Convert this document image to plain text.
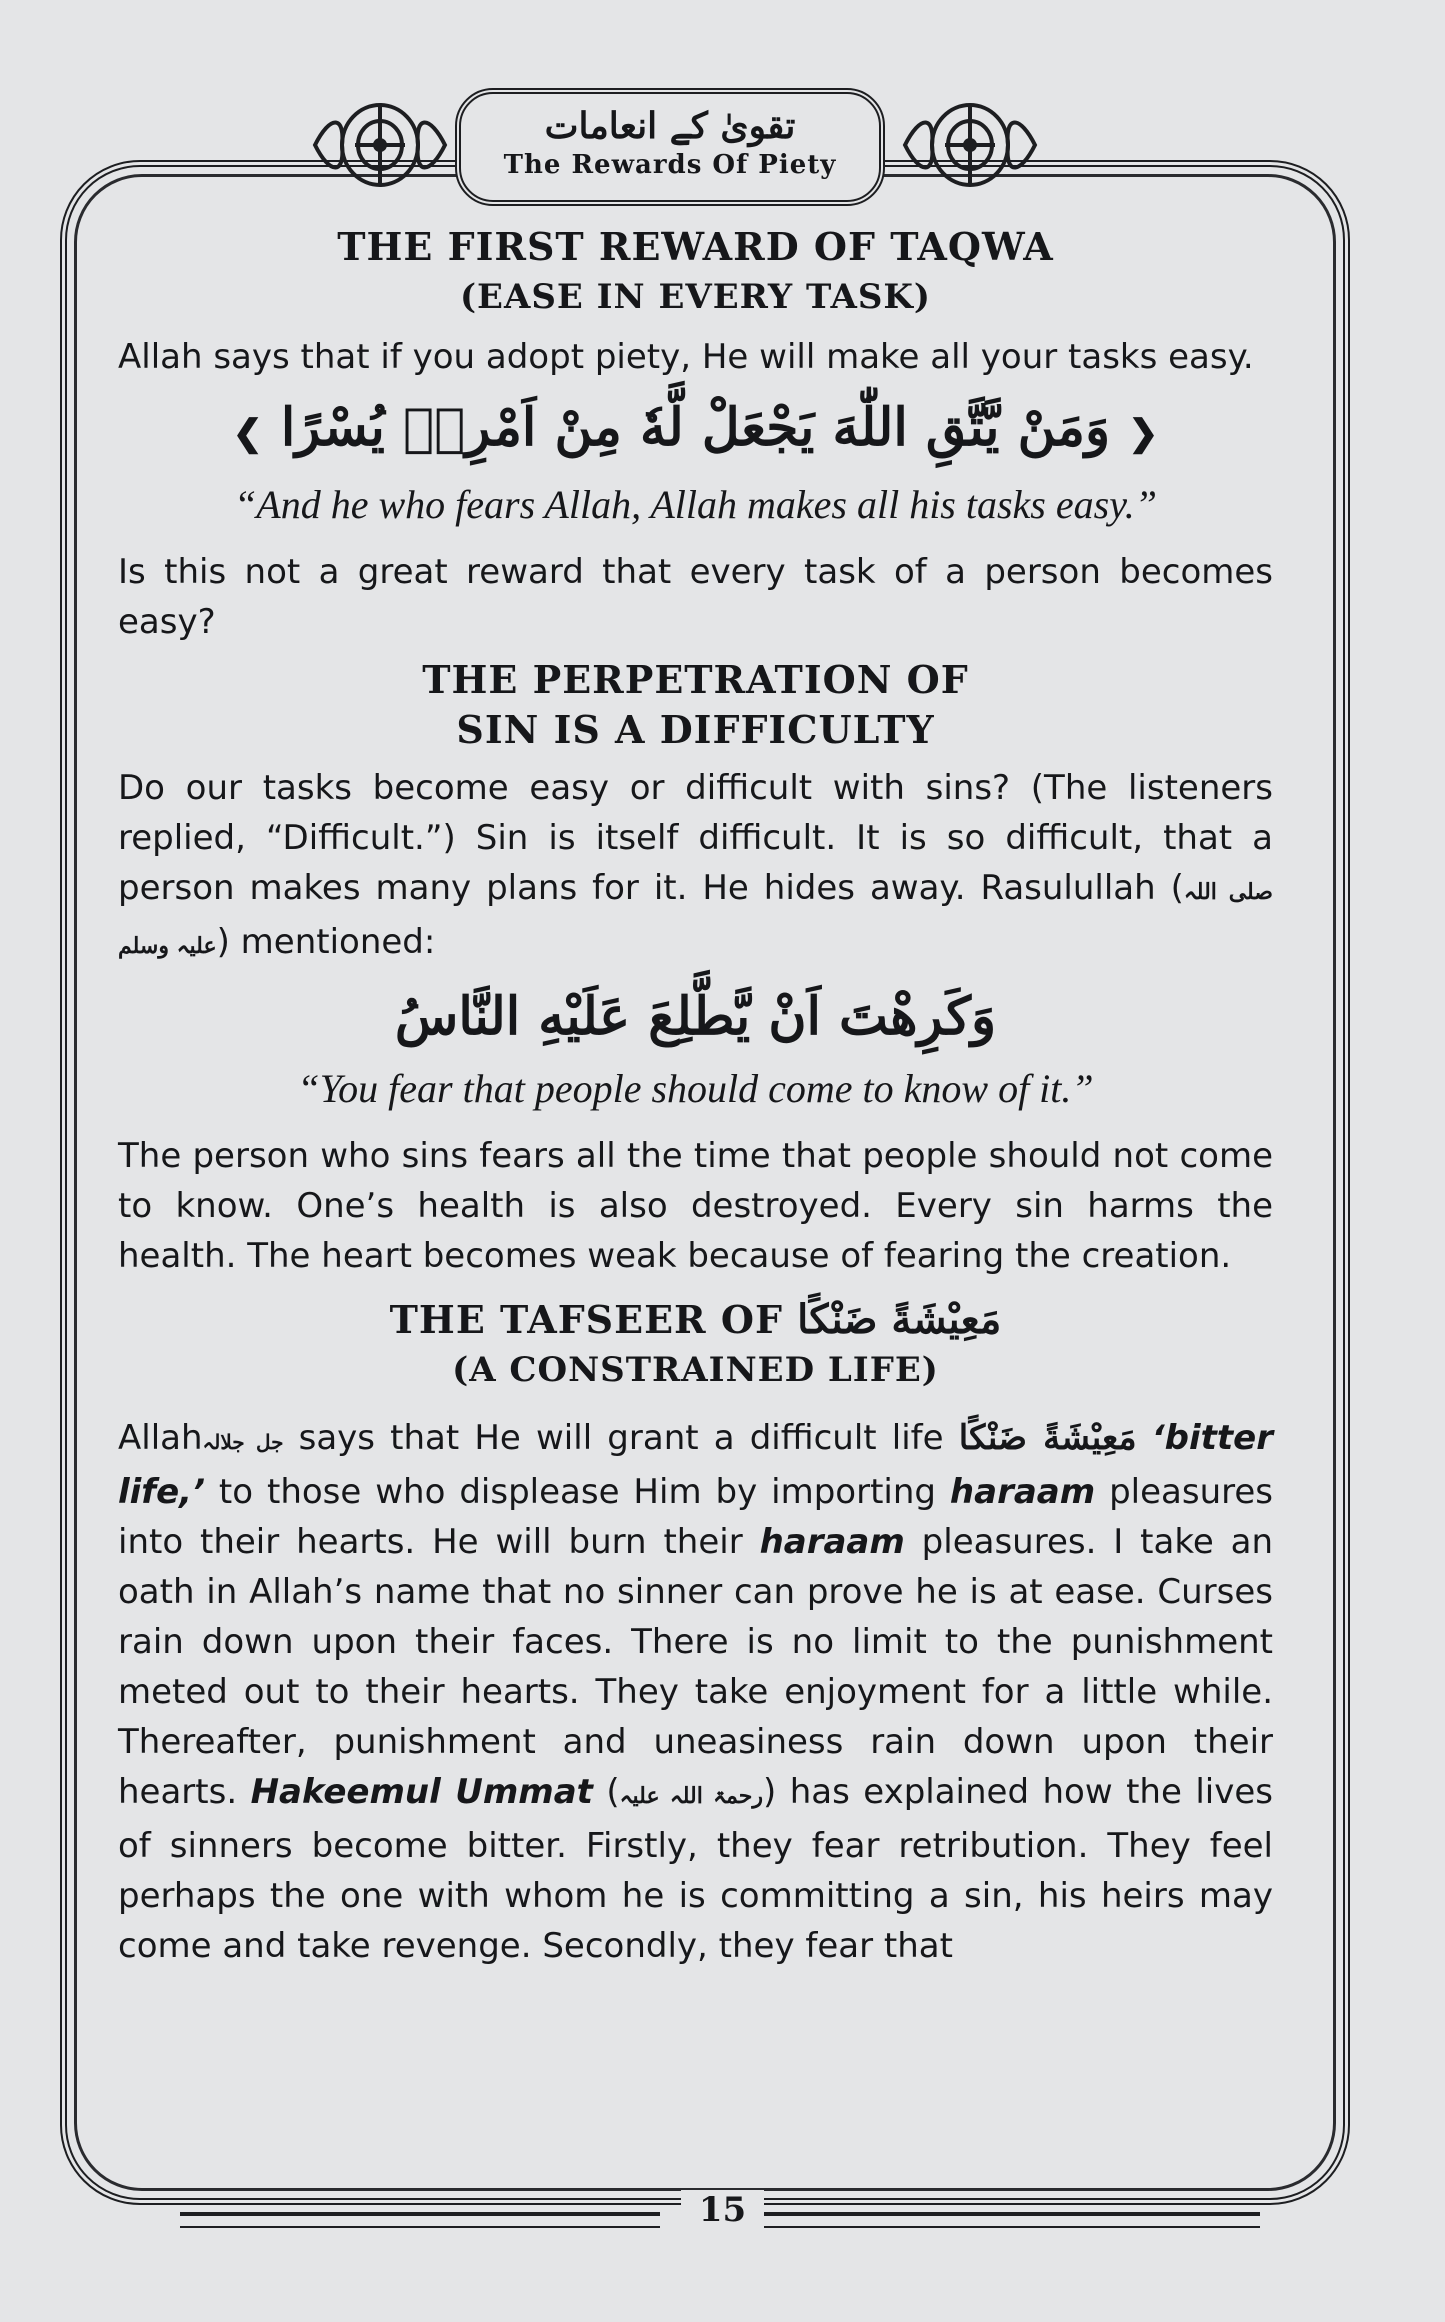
تقویٰ کے انعامات
The Rewards Of Piety
THE FIRST REWARD OF TAQWA
(EASE IN EVERY TASK)

Allah says that if you adopt piety, He will make all your tasks easy.

❮ وَمَنْ يَّتَّقِ اللّٰهَ يَجْعَلْ لَّهٗ مِنْ اَمْرِهٖ يُسْرًا ❯

“And he who fears Allah, Allah makes all his tasks easy.”

Is this not a great reward that every task of a person becomes easy?

THE PERPETRATION OF
SIN IS A DIFFICULTY

Do our tasks become easy or difficult with sins? (The listeners replied, “Difficult.”) Sin is itself difficult. It is so difficult, that a person makes many plans for it. He hides away. Rasulullah (صلی اللہ علیہ وسلم) mentioned:

وَكَرِهْتَ اَنْ يَّطَّلِعَ عَلَيْهِ النَّاسُ

“You fear that people should come to know of it.”

The person who sins fears all the time that people should not come to know. One’s health is also destroyed. Every sin harms the health. The heart becomes weak because of fearing the creation.

THE TAFSEER OF مَعِيْشَةً ضَنْكًا
(A CONSTRAINED LIFE)

Allahجل جلالہ says that He will grant a difficult life مَعِيْشَةً ضَنْكًا ‘bitter life,’ to those who displease Him by importing haraam pleasures into their hearts. He will burn their haraam pleasures. I take an oath in Allah’s name that no sinner can prove he is at ease. Curses rain down upon their faces. There is no limit to the punishment meted out to their hearts. They take enjoyment for a little while. Thereafter, punishment and uneasiness rain down upon their hearts. Hakeemul Ummat (رحمۃ اللہ علیہ) has explained how the lives of sinners become bitter. Firstly, they fear retribution. They feel perhaps the one with whom he is committing a sin, his heirs may come and take revenge. Secondly, they fear that

15
